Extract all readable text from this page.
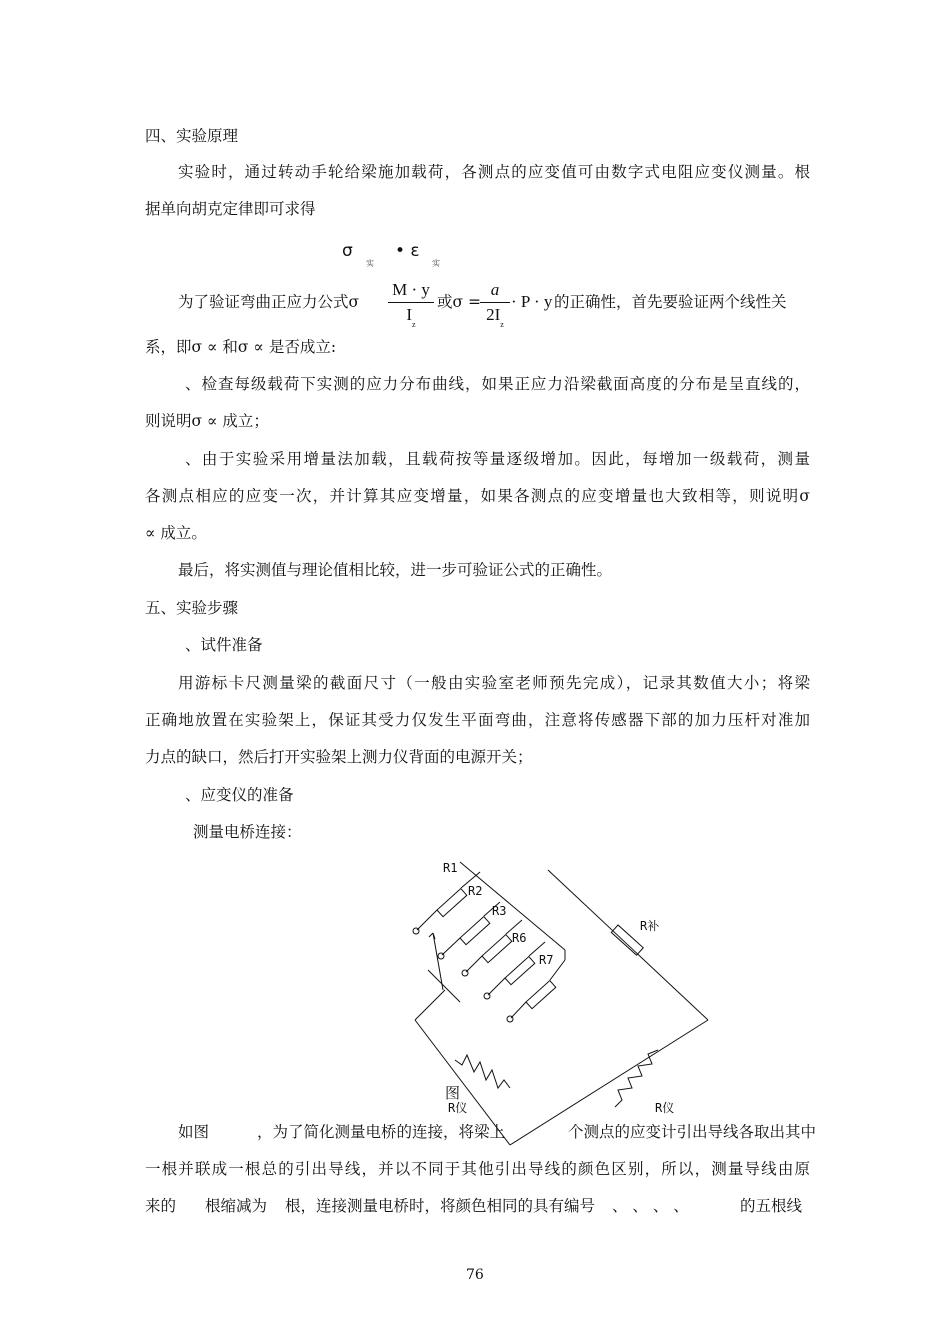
四、实验原理
实验时，通过转动手轮给梁施加载荷，各测点的应变值可由数字式电阻应变仪测量。根
据单向胡克定律即可求得
σ
实
• ε
实
为了验证弯曲正应力公式σ
M · y
$I_z$
或σ =
a
$2I_z$
· P · y 的正确性，首先要验证两个线性关
系，即σ ∝ 和σ ∝ 是否成立:
、检查每级载荷下实测的应力分布曲线，如果正应力沿梁截面高度的分布是呈直线的，
则说明σ ∝ 成立；
、由于实验采用增量法加载，且载荷按等量逐级增加。因此，每增加一级载荷，测量
各测点相应的应变一次，并计算其应变增量，如果各测点的应变增量也大致相等，则说明σ
∝ 成立。
最后，将实测值与理论值相比较，进一步可验证公式的正确性。
五、实验步骤
、试件准备
用游标卡尺测量梁的截面尺寸（一般由实验室老师预先完成），记录其数值大小；将梁
正确地放置在实验架上，保证其受力仅发生平面弯曲，注意将传感器下部的加力压杆对准加
力点的缺口，然后打开实验架上测力仪背面的电源开关；
、应变仪的准备
测量电桥连接：
R1
R2
R3
R6
R7
R补
R仪	R仪
图
如图	，为了简化测量电桥的连接，将梁上	个测点的应变计引出导线各取出其中
一根并联成一根总的引出导线，并以不同于其他引出导线的颜色区别，所以，测量导线由原
来的 根缩减为 根，连接测量电桥时，将颜色相同的具有编号 、 、 、 、	的五根线
76
